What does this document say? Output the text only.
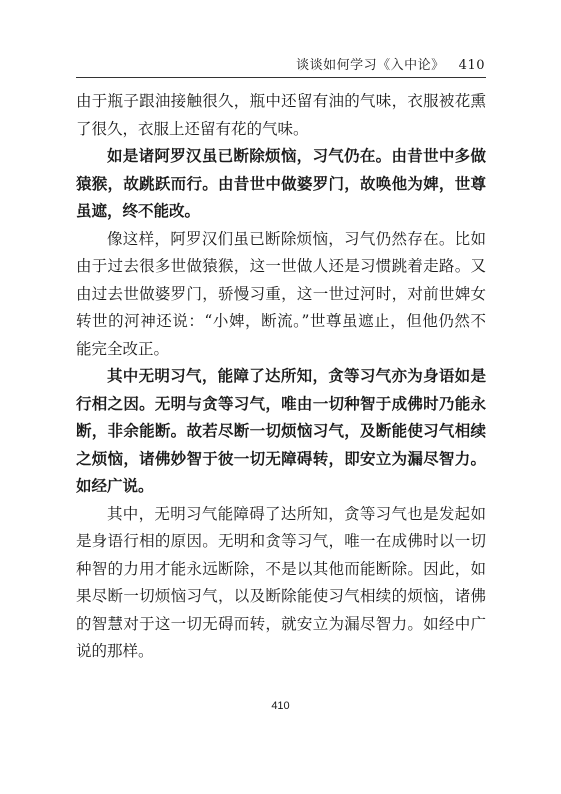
谈谈如何学习《入中论》 410

由于瓶子跟油接触很久，瓶中还留有油的气味，衣服被花熏了很久，衣服上还留有花的气味。

如是诸阿罗汉虽已断除烦恼，习气仍在。由昔世中多做猿猴，故跳跃而行。由昔世中做婆罗门，故唤他为婢，世尊虽遮，终不能改。

像这样，阿罗汉们虽已断除烦恼，习气仍然存在。比如由于过去很多世做猿猴，这一世做人还是习惯跳着走路。又由过去世做婆罗门，骄慢习重，这一世过河时，对前世婢女转世的河神还说：“小婢，断流。”世尊虽遮止，但他仍然不能完全改正。

其中无明习气，能障了达所知，贪等习气亦为身语如是行相之因。无明与贪等习气，唯由一切种智于成佛时乃能永断，非余能断。故若尽断一切烦恼习气，及断能使习气相续之烦恼，诸佛妙智于彼一切无障碍转，即安立为漏尽智力。如经广说。

其中，无明习气能障碍了达所知，贪等习气也是发起如是身语行相的原因。无明和贪等习气，唯一在成佛时以一切种智的力用才能永远断除，不是以其他而能断除。因此，如果尽断一切烦恼习气，以及断除能使习气相续的烦恼，诸佛的智慧对于这一切无碍而转，就安立为漏尽智力。如经中广说的那样。

410
